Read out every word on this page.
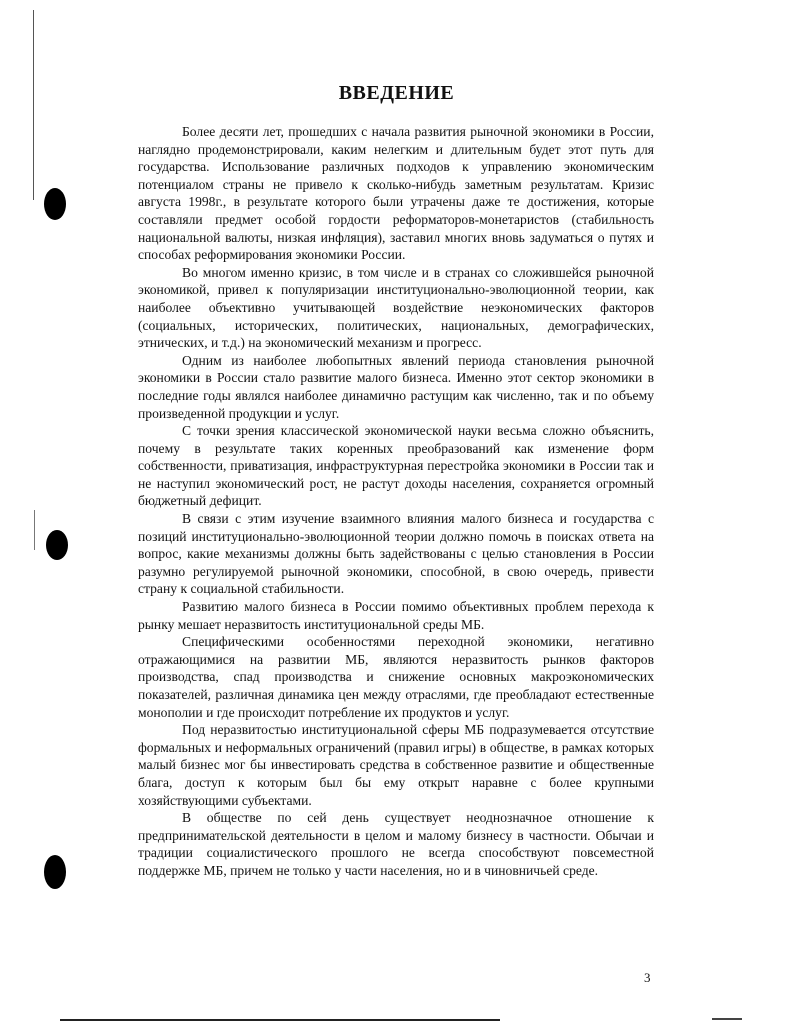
ВВЕДЕНИЕ

Более десяти лет, прошедших с начала развития рыночной экономики в России, наглядно продемонстрировали, каким нелегким и длительным будет этот путь для государства. Использование различных подходов к управлению экономическим потенциалом страны не привело к сколько-нибудь заметным результатам. Кризис августа 1998г., в результате которого были утрачены даже те достижения, которые составляли предмет особой гордости реформаторов-монетаристов (стабильность национальной валюты, низкая инфляция), заставил многих вновь задуматься о путях и способах реформирования экономики России.

Во многом именно кризис, в том числе и в странах со сложившейся рыночной экономикой, привел к популяризации институционально-эволюционной теории, как наиболее объективно учитывающей воздействие неэкономических факторов (социальных, исторических, политических, национальных, демографических, этнических, и т.д.) на экономический механизм и прогресс.

Одним из наиболее любопытных явлений периода становления рыночной экономики в России стало развитие малого бизнеса. Именно этот сектор экономики в последние годы являлся наиболее динамично растущим как численно, так и по объему произведенной продукции и услуг.

С точки зрения классической экономической науки весьма сложно объяснить, почему в результате таких коренных преобразований как изменение форм собственности, приватизация, инфраструктурная перестройка экономики в России так и не наступил экономический рост, не растут доходы населения, сохраняется огромный бюджетный дефицит.

В связи с этим изучение взаимного влияния малого бизнеса и государства с позиций институционально-эволюционной теории должно помочь в поисках ответа на вопрос, какие механизмы должны быть задействованы с целью становления в России разумно регулируемой рыночной экономики, способной, в свою очередь, привести страну к социальной стабильности.

Развитию малого бизнеса в России помимо объективных проблем перехода к рынку мешает неразвитость институциональной среды МБ.

Специфическими особенностями переходной экономики, негативно отражающимися на развитии МБ, являются неразвитость рынков факторов производства, спад производства и снижение основных макроэкономических показателей, различная динамика цен между отраслями, где преобладают естественные монополии и где происходит потребление их продуктов и услуг.

Под неразвитостью институциональной сферы МБ подразумевается отсутствие формальных и неформальных ограничений (правил игры) в обществе, в рамках которых малый бизнес мог бы инвестировать средства в собственное развитие и общественные блага, доступ к которым был бы ему открыт наравне с более крупными хозяйствующими субъектами.

В обществе по сей день существует неоднозначное отношение к предпринимательской деятельности в целом и малому бизнесу в частности. Обычаи и традиции социалистического прошлого не всегда способствуют повсеместной поддержке МБ, причем не только у части населения, но и в чиновничьей среде.

3
